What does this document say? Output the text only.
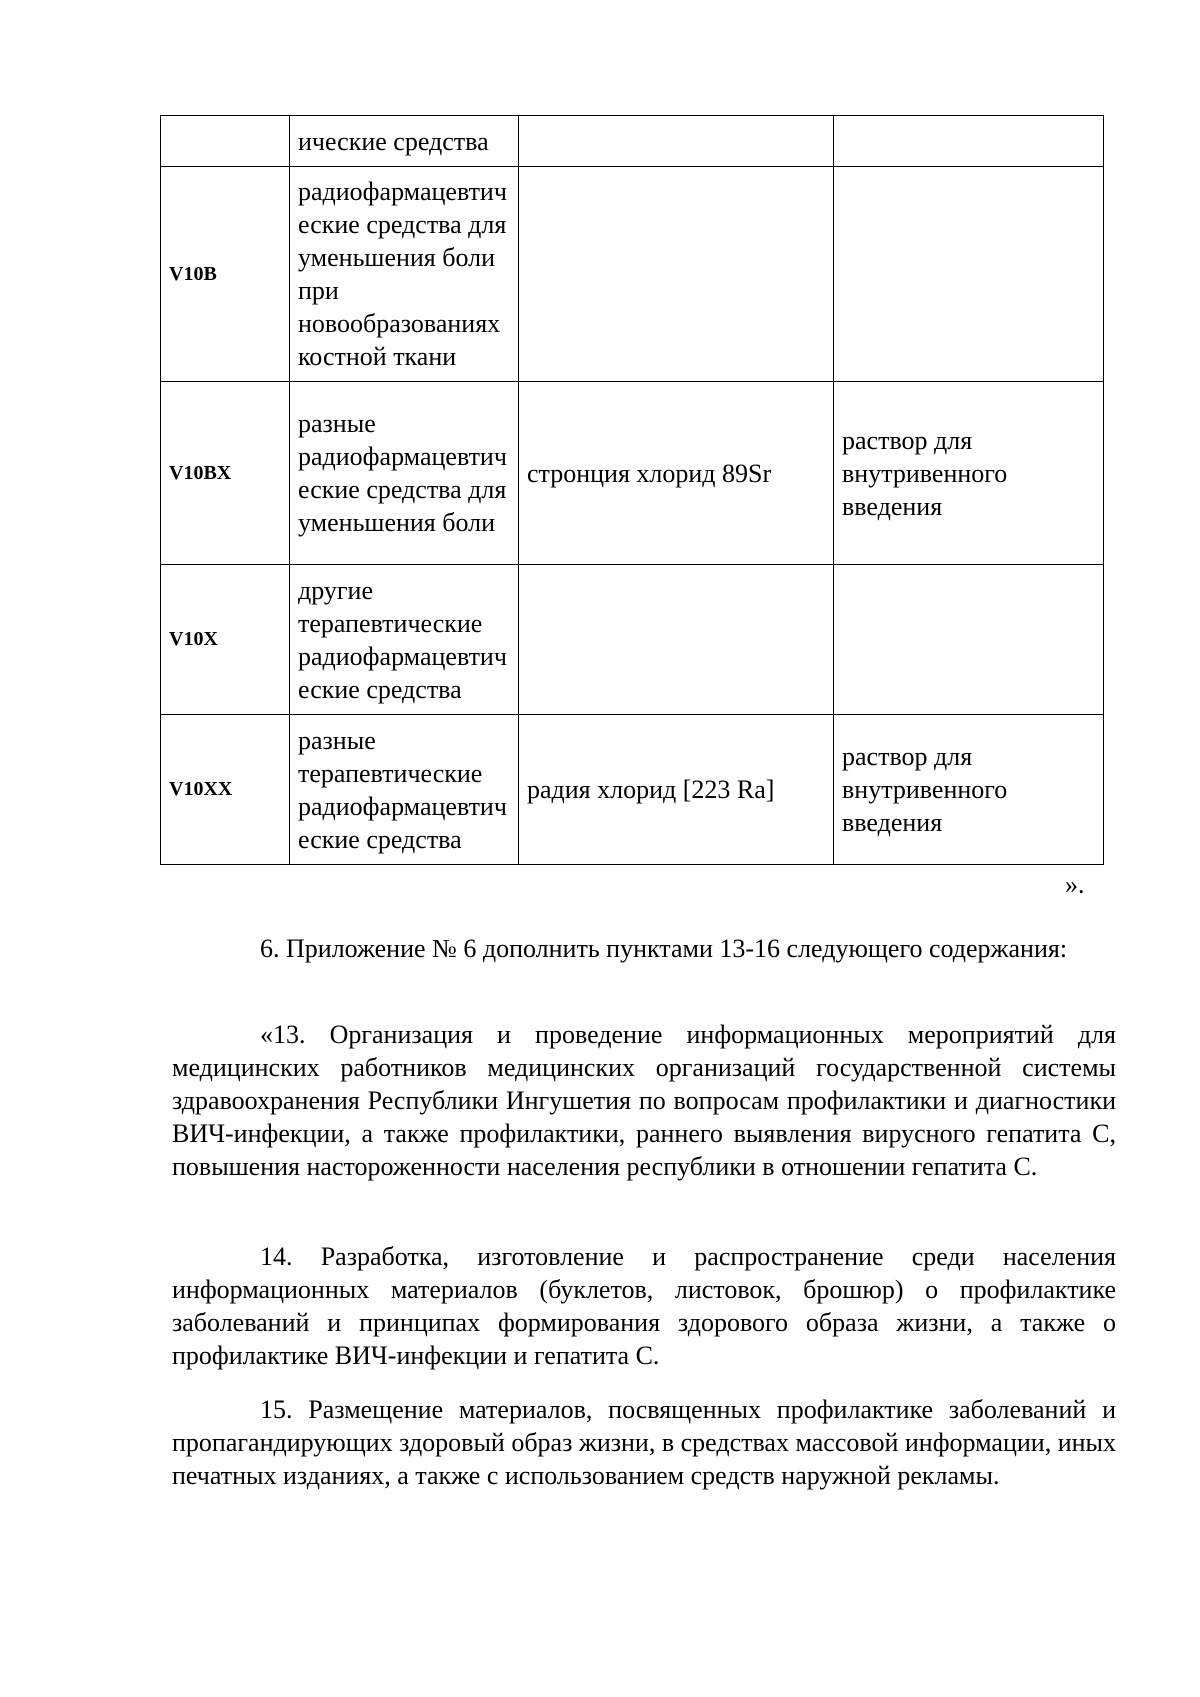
	ические средства		
V10B	радиофармацевтические средства для уменьшения боли при новообразованиях костной ткани		
V10BX	разные радиофармацевтические средства для уменьшения боли	стронция хлорид 89Sr	раствор для внутривенного введения
V10X	другие терапевтические радиофармацевтические средства		
V10XX	разные терапевтические радиофармацевтические средства	радия хлорид [223 Ra]	раствор для внутривенного введения
».

6. Приложение № 6 дополнить пунктами 13-16 следующего содержания:

«13. Организация и проведение информационных мероприятий для медицинских работников медицинских организаций государственной системы здравоохранения Республики Ингушетия по вопросам профилактики и диагностики ВИЧ-инфекции, а также профилактики, раннего выявления вирусного гепатита С, повышения настороженности населения республики в отношении гепатита С.

14. Разработка, изготовление и распространение среди населения информационных материалов (буклетов, листовок, брошюр) о профилактике заболеваний и принципах формирования здорового образа жизни, а также о профилактике ВИЧ-инфекции и гепатита С.

15. Размещение материалов, посвященных профилактике заболеваний и пропагандирующих здоровый образ жизни, в средствах массовой информации, иных печатных изданиях, а также с использованием средств наружной рекламы.
